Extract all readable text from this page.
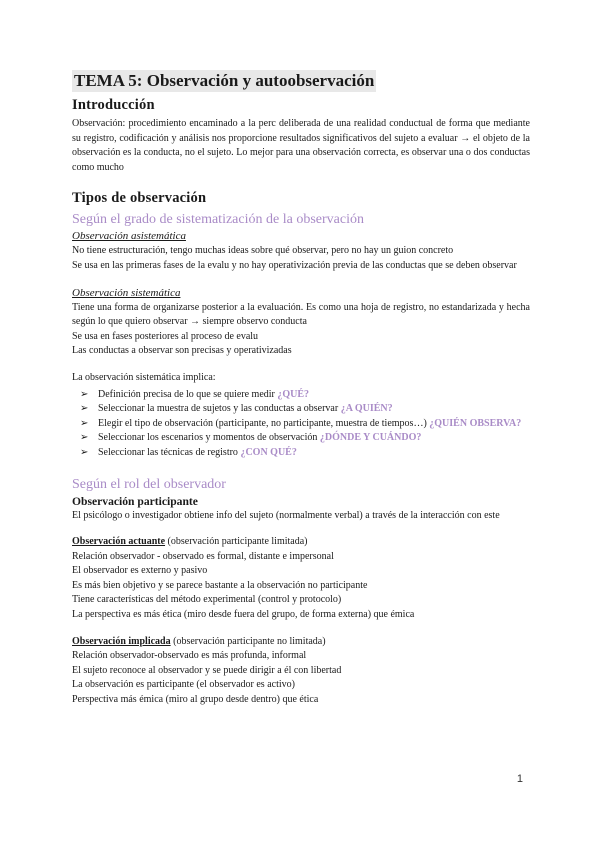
TEMA 5: Observación y autoobservación
Introducción

Observación: procedimiento encaminado a la perc deliberada de una realidad conductual de forma que mediante su registro, codificación y análisis nos proporcione resultados significativos del sujeto a evaluar → el objeto de la observación es la conducta, no el sujeto. Lo mejor para una observación correcta, es observar una o dos conductas como mucho

Tipos de observación
Según el grado de sistematización de la observación

Observación asistemática

No tiene estructuración, tengo muchas ideas sobre qué observar, pero no hay un guion concreto

Se usa en las primeras fases de la evalu y no hay operativización previa de las conductas que se deben observar

Observación sistemática

Tiene una forma de organizarse posterior a la evaluación. Es como una hoja de registro, no estandarizada y hecha según lo que quiero observar → siempre observo conducta

Se usa en fases posteriores al proceso de evalu

Las conductas a observar son precisas y operativizadas

La observación sistemática implica:

➢ Definición precisa de lo que se quiere medir ¿QUÉ?
➢ Seleccionar la muestra de sujetos y las conductas a observar ¿A QUIÉN?
➢ Elegir el tipo de observación (participante, no participante, muestra de tiempos…) ¿QUIÉN OBSERVA?
➢ Seleccionar los escenarios y momentos de observación ¿DÓNDE Y CUÁNDO?
➢ Seleccionar las técnicas de registro ¿CON QUÉ?
Según el rol del observador
Observación participante

El psicólogo o investigador obtiene info del sujeto (normalmente verbal) a través de la interacción con este

Observación actuante (observación participante limitada)

Relación observador - observado es formal, distante e impersonal

El observador es externo y pasivo

Es más bien objetivo y se parece bastante a la observación no participante

Tiene características del método experimental (control y protocolo)

La perspectiva es más ética (miro desde fuera del grupo, de forma externa) que émica

Observación implicada (observación participante no limitada)

Relación observador-observado es más profunda, informal

El sujeto reconoce al observador y se puede dirigir a él con libertad

La observación es participante (el observador es activo)

Perspectiva más émica (miro al grupo desde dentro) que ética

1
